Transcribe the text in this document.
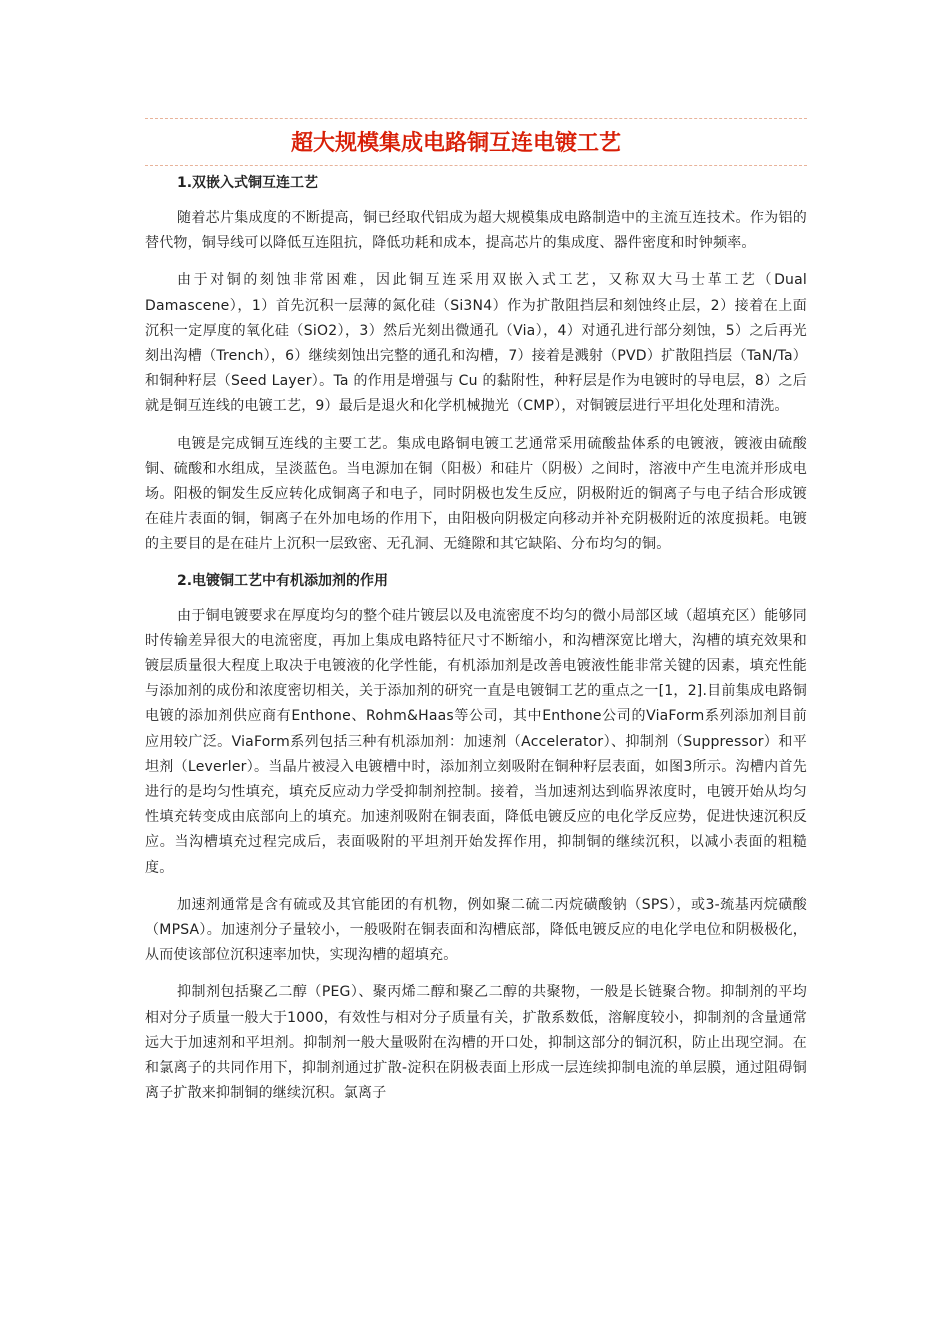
超大规模集成电路铜互连电镀工艺
1.双嵌入式铜互连工艺

随着芯片集成度的不断提高，铜已经取代铝成为超大规模集成电路制造中的主流互连技术。作为铝的替代物，铜导线可以降低互连阻抗，降低功耗和成本，提高芯片的集成度、器件密度和时钟频率。

由于对铜的刻蚀非常困难，因此铜互连采用双嵌入式工艺，又称双大马士革工艺（Dual Damascene），1）首先沉积一层薄的氮化硅（Si3N4）作为扩散阻挡层和刻蚀终止层，2）接着在上面沉积一定厚度的氧化硅（SiO2），3）然后光刻出微通孔（Via），4）对通孔进行部分刻蚀，5）之后再光刻出沟槽（Trench），6）继续刻蚀出完整的通孔和沟槽，7）接着是溅射（PVD）扩散阻挡层（TaN/Ta）和铜种籽层（Seed Layer）。Ta 的作用是增强与 Cu 的黏附性，种籽层是作为电镀时的导电层，8）之后就是铜互连线的电镀工艺，9）最后是退火和化学机械抛光（CMP），对铜镀层进行平坦化处理和清洗。

电镀是完成铜互连线的主要工艺。集成电路铜电镀工艺通常采用硫酸盐体系的电镀液，镀液由硫酸铜、硫酸和水组成，呈淡蓝色。当电源加在铜（阳极）和硅片（阴极）之间时，溶液中产生电流并形成电场。阳极的铜发生反应转化成铜离子和电子，同时阴极也发生反应，阴极附近的铜离子与电子结合形成镀在硅片表面的铜，铜离子在外加电场的作用下，由阳极向阴极定向移动并补充阴极附近的浓度损耗。电镀的主要目的是在硅片上沉积一层致密、无孔洞、无缝隙和其它缺陷、分布均匀的铜。

2.电镀铜工艺中有机添加剂的作用

由于铜电镀要求在厚度均匀的整个硅片镀层以及电流密度不均匀的微小局部区域（超填充区）能够同时传输差异很大的电流密度，再加上集成电路特征尺寸不断缩小，和沟槽深宽比增大，沟槽的填充效果和镀层质量很大程度上取决于电镀液的化学性能，有机添加剂是改善电镀液性能非常关键的因素，填充性能与添加剂的成份和浓度密切相关，关于添加剂的研究一直是电镀铜工艺的重点之一[1，2].目前集成电路铜电镀的添加剂供应商有Enthone、Rohm&Haas等公司，其中Enthone公司的ViaForm系列添加剂目前应用较广泛。ViaForm系列包括三种有机添加剂：加速剂（Accelerator）、抑制剂（Suppressor）和平坦剂（Leverler）。当晶片被浸入电镀槽中时，添加剂立刻吸附在铜种籽层表面，如图3所示。沟槽内首先进行的是均匀性填充，填充反应动力学受抑制剂控制。接着，当加速剂达到临界浓度时，电镀开始从均匀性填充转变成由底部向上的填充。加速剂吸附在铜表面，降低电镀反应的电化学反应势，促进快速沉积反应。当沟槽填充过程完成后，表面吸附的平坦剂开始发挥作用，抑制铜的继续沉积，以减小表面的粗糙度。

加速剂通常是含有硫或及其官能团的有机物，例如聚二硫二丙烷磺酸钠（SPS），或3-巯基丙烷磺酸（MPSA）。加速剂分子量较小，一般吸附在铜表面和沟槽底部，降低电镀反应的电化学电位和阴极极化，从而使该部位沉积速率加快，实现沟槽的超填充。

抑制剂包括聚乙二醇（PEG）、聚丙烯二醇和聚乙二醇的共聚物，一般是长链聚合物。抑制剂的平均相对分子质量一般大于1000，有效性与相对分子质量有关，扩散系数低，溶解度较小，抑制剂的含量通常远大于加速剂和平坦剂。抑制剂一般大量吸附在沟槽的开口处，抑制这部分的铜沉积，防止出现空洞。在和氯离子的共同作用下，抑制剂通过扩散-淀积在阴极表面上形成一层连续抑制电流的单层膜，通过阻碍铜离子扩散来抑制铜的继续沉积。氯离子
